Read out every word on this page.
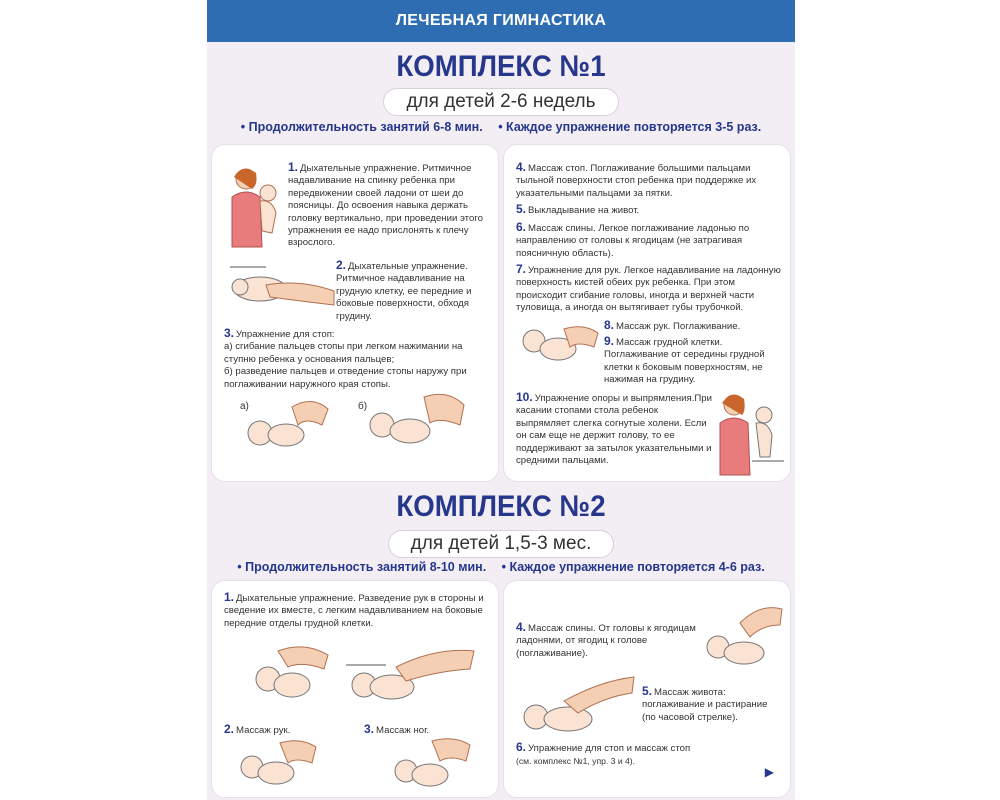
ЛЕЧЕБНАЯ ГИМНАСТИКА
КОМПЛЕКС №1
для детей 2-6 недель
• Продолжительность занятий 6-8 мин. • Каждое упражнение повторяется 3-5 раз.
1. Дыхательные упражнение. Ритмичное надавливание на спинку ребенка при передвижении своей ладони от шеи до поясницы. До освоения навыка держать головку вертикально, при проведении этого упражнения ее надо прислонять к плечу взрослого.
2. Дыхательные упражнение. Ритмичное надавливание на грудную клетку, ее передние и боковые поверхности, обходя грудину.
3. Упражнение для стоп:
а) сгибание пальцев стопы при легком нажимании на ступню ребенка у основания пальцев;
б) разведение пальцев и отведение стопы наружу при поглаживании наружного края стопы.
а)	б)
4. Массаж стоп. Поглаживание большими пальцами тыльной поверхности стоп ребенка при поддержке их указательными пальцами за пятки.
5. Выкладывание на живот.
6. Массаж спины. Легкое поглаживание ладонью по направлению от головы к ягодицам (не затрагивая поясничную область).
7. Упражнение для рук. Легкое надавливание на ладонную поверхность кистей обеих рук ребенка. При этом происходит сгибание головы, иногда и верхней части туловища, а иногда он вытягивает губы трубочкой.
8. Массаж рук. Поглаживание.
9. Массаж грудной клетки. Поглаживание от середины грудной клетки к боковым поверхностям, не нажимая на грудину.
10. Упражнение опоры и выпрямления.При касании стопами стола ребенок выпрямляет слегка согнутые холени. Если он сам еще не держит голову, то ее поддерживают за затылок указательными и средними пальцами.
КОМПЛЕКС №2
для детей 1,5-3 мес.
• Продолжительность занятий 8-10 мин. • Каждое упражнение повторяется 4-6 раз.
1. Дыхательные упражнение. Разведение рук в стороны и сведение их вместе, с легким надавливанием на боковые передние отделы грудной клетки.
2. Массаж рук.	3. Массаж ног.
4. Массаж спины. От головы к ягодицам ладонями, от ягодиц к голове (поглаживание).
5. Массаж живота: поглаживание и растирание (по часовой стрелке).
6. Упражнение для стоп и массаж стоп
(см. комплекс №1, упр. 3 и 4).
▶
